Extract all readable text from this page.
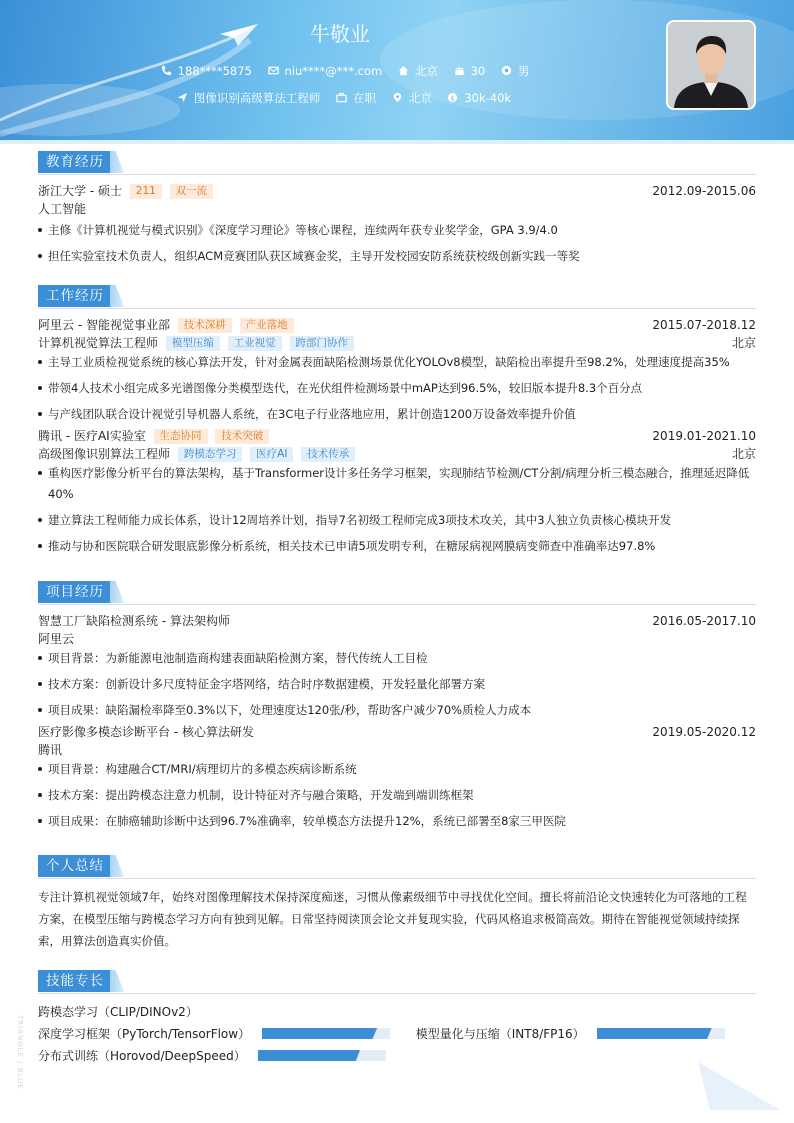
牛敬业
188****5875	niu****@***.com	北京	30	男
图像识别高级算法工程师	在职	北京	$ 30k-40k
教育经历
浙江大学 - 硕士 211 双一流	2012.09-2015.06
人工智能
主修《计算机视觉与模式识别》《深度学习理论》等核心课程，连续两年获专业奖学金，GPA 3.9/4.0
担任实验室技术负责人，组织ACM竞赛团队获区域赛金奖，主导开发校园安防系统获校级创新实践一等奖
工作经历
阿里云 - 智能视觉事业部 技术深耕 产业落地	2015.07-2018.12
计算机视觉算法工程师 模型压缩 工业视觉 跨部门协作	北京
主导工业质检视觉系统的核心算法开发，针对金属表面缺陷检测场景优化YOLOv8模型，缺陷检出率提升至98.2%，处理速度提高35%
带领4人技术小组完成多光谱图像分类模型迭代，在光伏组件检测场景中mAP达到96.5%，较旧版本提升8.3个百分点
与产线团队联合设计视觉引导机器人系统，在3C电子行业落地应用，累计创造1200万设备效率提升价值
腾讯 - 医疗AI实验室 生态协同 技术突破	2019.01-2021.10
高级图像识别算法工程师 跨模态学习 医疗AI 技术传承	北京
重构医疗影像分析平台的算法架构，基于Transformer设计多任务学习框架，实现肺结节检测/CT分割/病理分析三模态融合，推理延迟降低40%
建立算法工程师能力成长体系，设计12周培养计划，指导7名初级工程师完成3项技术攻关，其中3人独立负责核心模块开发
推动与协和医院联合研发眼底影像分析系统，相关技术已申请5项发明专利，在糖尿病视网膜病变筛查中准确率达97.8%
项目经历
智慧工厂缺陷检测系统 - 算法架构师	2016.05-2017.10
阿里云
项目背景：为新能源电池制造商构建表面缺陷检测方案，替代传统人工目检
技术方案：创新设计多尺度特征金字塔网络，结合时序数据建模，开发轻量化部署方案
项目成果：缺陷漏检率降至0.3%以下，处理速度达120张/秒，帮助客户减少70%质检人力成本
医疗影像多模态诊断平台 - 核心算法研发	2019.05-2020.12
腾讯
项目背景：构建融合CT/MRI/病理切片的多模态疾病诊断系统
技术方案：提出跨模态注意力机制，设计特征对齐与融合策略，开发端到端训练框架
项目成果：在肺癌辅助诊断中达到96.7%准确率，较单模态方法提升12%，系统已部署至8家三甲医院
个人总结
专注计算机视觉领域7年，始终对图像理解技术保持深度痴迷，习惯从像素级细节中寻找优化空间。擅长将前沿论文快速转化为可落地的工程方案，在模型压缩与跨模态学习方向有独到见解。日常坚持阅读顶会论文并复现实验，代码风格追求极简高效。期待在智能视觉领域持续探索，用算法创造真实价值。
技能专长
跨模态学习（CLIP/DINOv2）
深度学习框架（PyTorch/TensorFlow）	模型量化与压缩（INT8/FP16）
分布式训练（Horovod/DeepSpeed）
TRIANGLE / BLUE
